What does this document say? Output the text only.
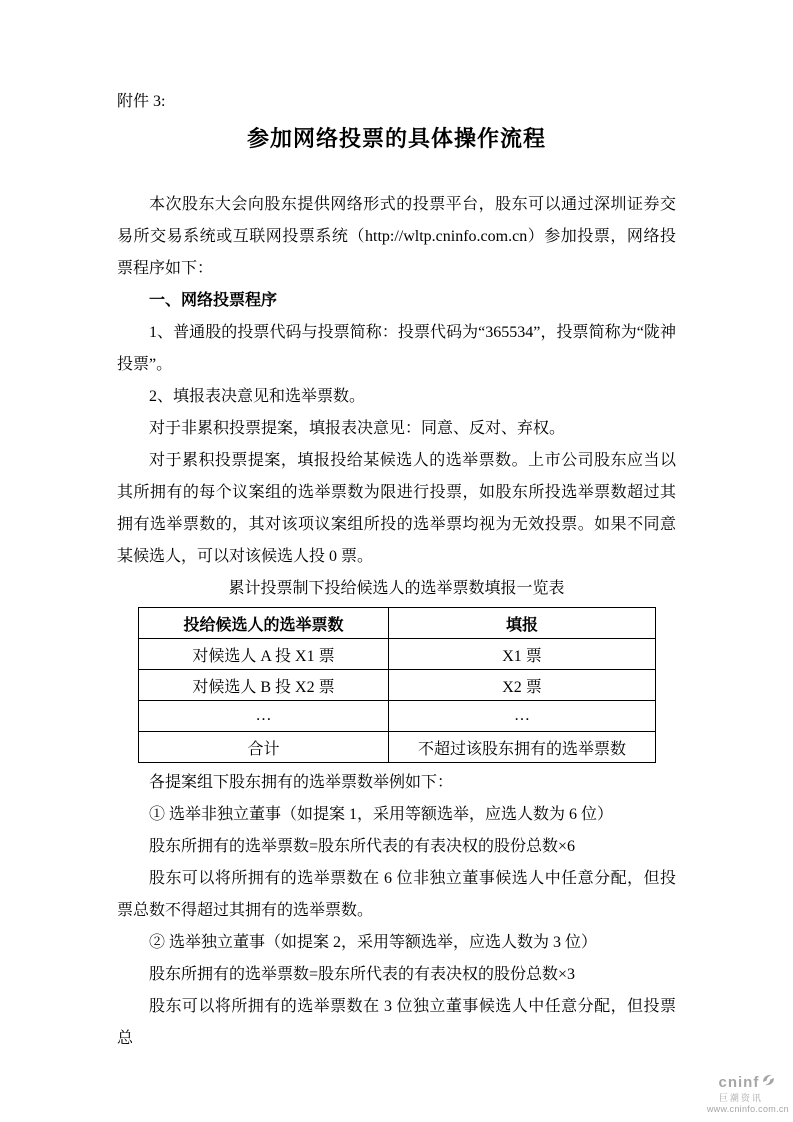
附件 3:

参加网络投票的具体操作流程

本次股东大会向股东提供网络形式的投票平台，股东可以通过深圳证券交易所交易系统或互联网投票系统（http://wltp.cninfo.com.cn）参加投票，网络投票程序如下：

一、网络投票程序

1、普通股的投票代码与投票简称：投票代码为“365534”，投票简称为“陇神投票”。

2、填报表决意见和选举票数。

对于非累积投票提案，填报表决意见：同意、反对、弃权。

对于累积投票提案，填报投给某候选人的选举票数。上市公司股东应当以其所拥有的每个议案组的选举票数为限进行投票，如股东所投选举票数超过其拥有选举票数的，其对该项议案组所投的选举票均视为无效投票。如果不同意某候选人，可以对该候选人投 0 票。

累计投票制下投给候选人的选举票数填报一览表

投给候选人的选举票数	填报
对候选人 A 投 X1 票	X1 票
对候选人 B 投 X2 票	X2 票
…	…
合计	不超过该股东拥有的选举票数

各提案组下股东拥有的选举票数举例如下：

① 选举非独立董事（如提案 1，采用等额选举，应选人数为 6 位）

股东所拥有的选举票数=股东所代表的有表决权的股份总数×6

股东可以将所拥有的选举票数在 6 位非独立董事候选人中任意分配，但投票总数不得超过其拥有的选举票数。

② 选举独立董事（如提案 2，采用等额选举，应选人数为 3 位）

股东所拥有的选举票数=股东所代表的有表决权的股份总数×3

股东可以将所拥有的选举票数在 3 位独立董事候选人中任意分配，但投票总

cninf
巨潮资讯
www.cninfo.com.cn
